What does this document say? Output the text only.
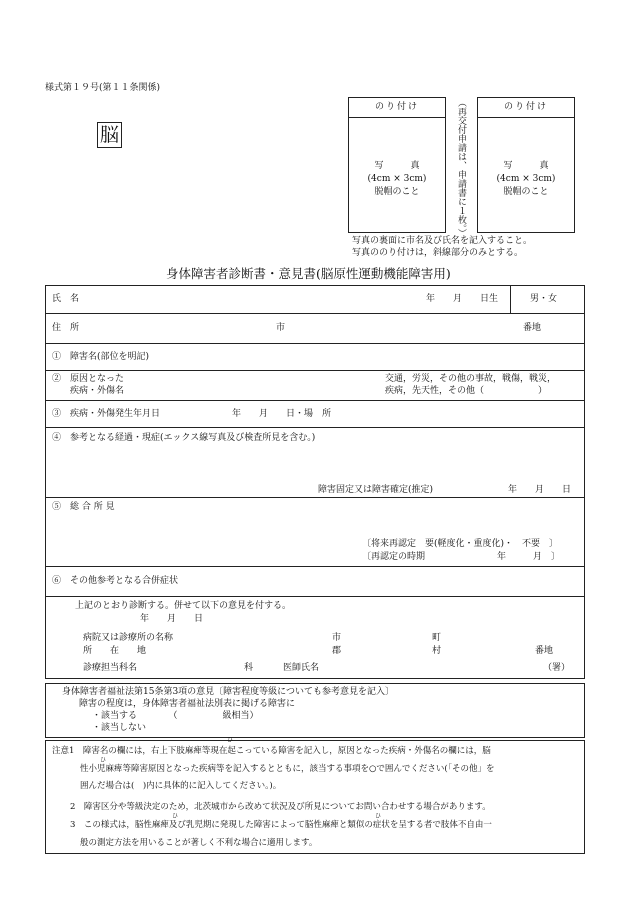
様式第１９号(第１１条関係)
脳
のり付け
写　　　真
(4cm × 3cm)
脱帽のこと	（再交付申請は、申請書に１枚。）	のり付け
写　　　真
(4cm × 3cm)
脱帽のこと
写真の裏面に市名及び氏名を記入すること。
写真ののり付けは，斜線部分のみとする。
身体障害者診断書・意見書(脳原性運動機能障害用)
氏　名	年　　月　　日生	男・女
住　所	市	番地
①　障害名(部位を明記)
②　原因となった
疾病・外傷名
交通，労災，その他の事故，戦傷，戦災，
疾病，先天性，その他（　　　　　　）
③　疾病・外傷発生年月日	年　　月　　日・場　所
④　参考となる経過・現症(エックス線写真及び検査所見を含む。)
障害固定又は障害確定(推定)	年　　月　　日
⑤　総 合 所 見
〔将来再認定　要(軽度化・重度化)・　不要　〕
〔再認定の時期　　　　　　　　年　　　月　〕
⑥　その他参考となる合併症状
上記のとおり診断する。併せて以下の意見を付する。
年　　月　　日
病院又は診療所の名称	市	町
所　　在　　地	郡	村	番地
診療担当科名	科	医師氏名	（署）
身体障害者福祉法第15条第3項の意見〔障害程度等級についても参考意見を記入〕
障害の程度は，身体障害者福祉法別表に掲げる障害に
・該当する　　　　（　　　　　級相当）
・該当しない
ひ
注意1　障害名の欄には，右上下肢麻痺等現在起こっている障害を記入し，原因となった疾病・外傷名の欄には，脳
ひ
性小児麻痺等障害原因となった疾病等を記入するとともに，該当する事項を○で囲んでください(「その他」を
囲んだ場合は(　)内に具体的に記入してください。)。
2　障害区分や等級決定のため，北茨城市から改めて状況及び所見についてお問い合わせする場合があります。
ひ	ひ
3　この様式は，脳性麻痺及び乳児期に発現した障害によって脳性麻痺と類似の症状を呈する者で肢体不自由一
般の測定方法を用いることが著しく不利な場合に適用します。
